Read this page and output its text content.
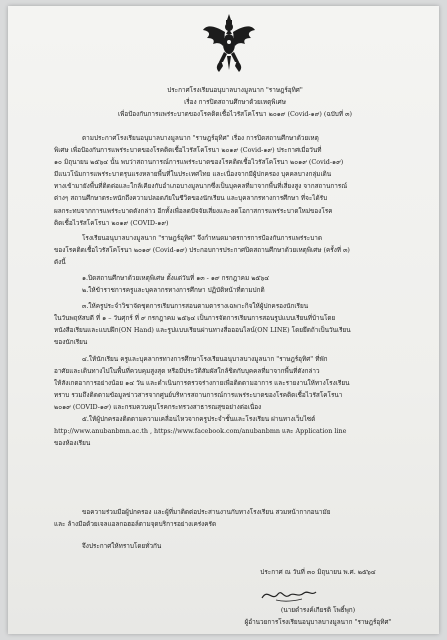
ประกาศโรงเรียนอนุบาลบางมูลนาก "ราษฎร์อุทิศ"
เรื่อง การปิดสถานศึกษาด้วยเหตุพิเศษ
เพื่อป้องกันการแพร่ระบาดของโรคติดเชื้อไวรัสโคโรนา ๒๐๑๙ (Covid-๑๙) (ฉบับที่ ๓)
ตามประกาศโรงเรียนอนุบาลบางมูลนาก "ราษฎร์อุทิศ" เรื่อง การปิดสถานศึกษาด้วยเหตุ
พิเศษ เพื่อป้องกันการแพร่ระบาดของโรคติดเชื้อไวรัสโคโรนา ๒๐๑๙ (Covid-๑๙) ประกาศเมื่อวันที่
๑๐ มิถุนายน ๒๕๖๔ นั้น พบว่าสถานการณ์การแพร่ระบาดของโรคติดเชื้อไวรัสโคโรนา ๒๐๑๙ (Covid-๑๙)
มีแนวโน้มการแพร่ระบาดรุนแรงหลายพื้นที่ในประเทศไทย และเนื่องจากมีผู้ปกครอง บุคคลบางกลุ่มเดิน
ทางเข้ามายังพื้นที่ติดต่อและใกล้เคียงกับอำเภอบางมูลนากซึ่งเป็นบุคคลที่มาจากพื้นที่เสี่ยงสูง จากสถานการณ์
ต่างๆ สถานศึกษาตระหนักถึงความปลอดภัยในชีวิตของนักเรียน และบุคลากรทางการศึกษา ที่จะได้รับ
ผลกระทบจากการแพร่ระบาดดังกล่าว อีกทั้งเพื่อลดปัจจัยเสี่ยงและลดโอกาสการแพร่ระบาดใหม่ของโรค
ติดเชื้อไวรัสโคโรนา ๒๐๑๙ (COVID-๑๙)
โรงเรียนอนุบาลบางมูลนาก "ราษฎร์อุทิศ" จึงกำหนดมาตรการการป้องกันการแพร่ระบาด
ของโรคติดเชื้อไวรัสโคโรนา ๒๐๑๙ (Covid-๑๙) ประกอบการประกาศปิดสถานศึกษาด้วยเหตุพิเศษ (ครั้งที่ ๓)
ดังนี้
๑.ปิดสถานศึกษาด้วยเหตุพิเศษ ตั้งแต่วันที่ ๑๓ - ๑๙ กรกฎาคม ๒๕๖๔
๒.ให้ข้าราชการครูและบุคลากรทางการศึกษา ปฏิบัติหน้าที่ตามปกติ
๓.ให้ครูประจำวิชาจัดชุดการเรียนการสอนตามตารางเฉพาะกิจให้ผู้ปกครองนักเรียน
ในวันพฤหัสบดี ที่ ๑ – วันศุกร์ ที่ ๙ กรกฎาคม ๒๕๖๔ เป็นการจัดการเรียนการสอนรูปแบบเรียนที่บ้านโดย
หนังสือเรียนและแบบฝึก(ON Hand) และรูปแบบเรียนผ่านทางสื่อออนไลน์(ON LINE) โดยยึดถ้าเป็นวันเรียน
ของนักเรียน
๔.ให้นักเรียน ครูและบุคลากรทางการศึกษาโรงเรียนอนุบาลบางมูลนาก "ราษฎร์อุทิศ" ที่พัก
อาศัยและเดินทางไปในพื้นที่ควบคุมสูงสุด หรือมีประวัติสัมผัสใกล้ชิดกับบุคคลที่มาจากพื้นที่ดังกล่าว
ให้สังเกตอาการอย่างน้อย ๑๔ วัน และดำเนินการตรวจร่างกายเพื่อติดตามอาการ และรายงานให้ทางโรงเรียน
ทราบ รวมถึงติดตามข้อมูลข่าวสารจากศูนย์บริหารสถานการณ์การแพร่ระบาดของโรคติดเชื้อไวรัสโคโรนา
๒๐๑๙ (COVID-๑๙) และกรมควบคุมโรคกระทรวงสาธารณสุขอย่างต่อเนื่อง
๕.ให้ผู้ปกครองติดตามความเคลื่อนไหวจากครูประจำชั้นและโรงเรียน ผ่านทางเว็บไซต์
http://www.anubanbmn.ac.th , https://www.facebook.com/anubanbmn และ Application line
ของห้องเรียน
ขอความร่วมมือผู้ปกครอง และผู้ที่มาติดต่อประสานงานกับทางโรงเรียน สวมหน้ากากอนามัย
และ ล้างมือด้วยเจลแอลกอฮอล์ตามจุดบริการอย่างเคร่งครัด
จึงประกาศให้ทราบโดยทั่วกัน
ประกาศ ณ วันที่ ๓๐ มิถุนายน พ.ศ. ๒๕๖๔
(นายดำรงค์เกียรติ โพธิ์พุก)
ผู้อำนวยการโรงเรียนอนุบาลบางมูลนาก "ราษฎร์อุทิศ"
